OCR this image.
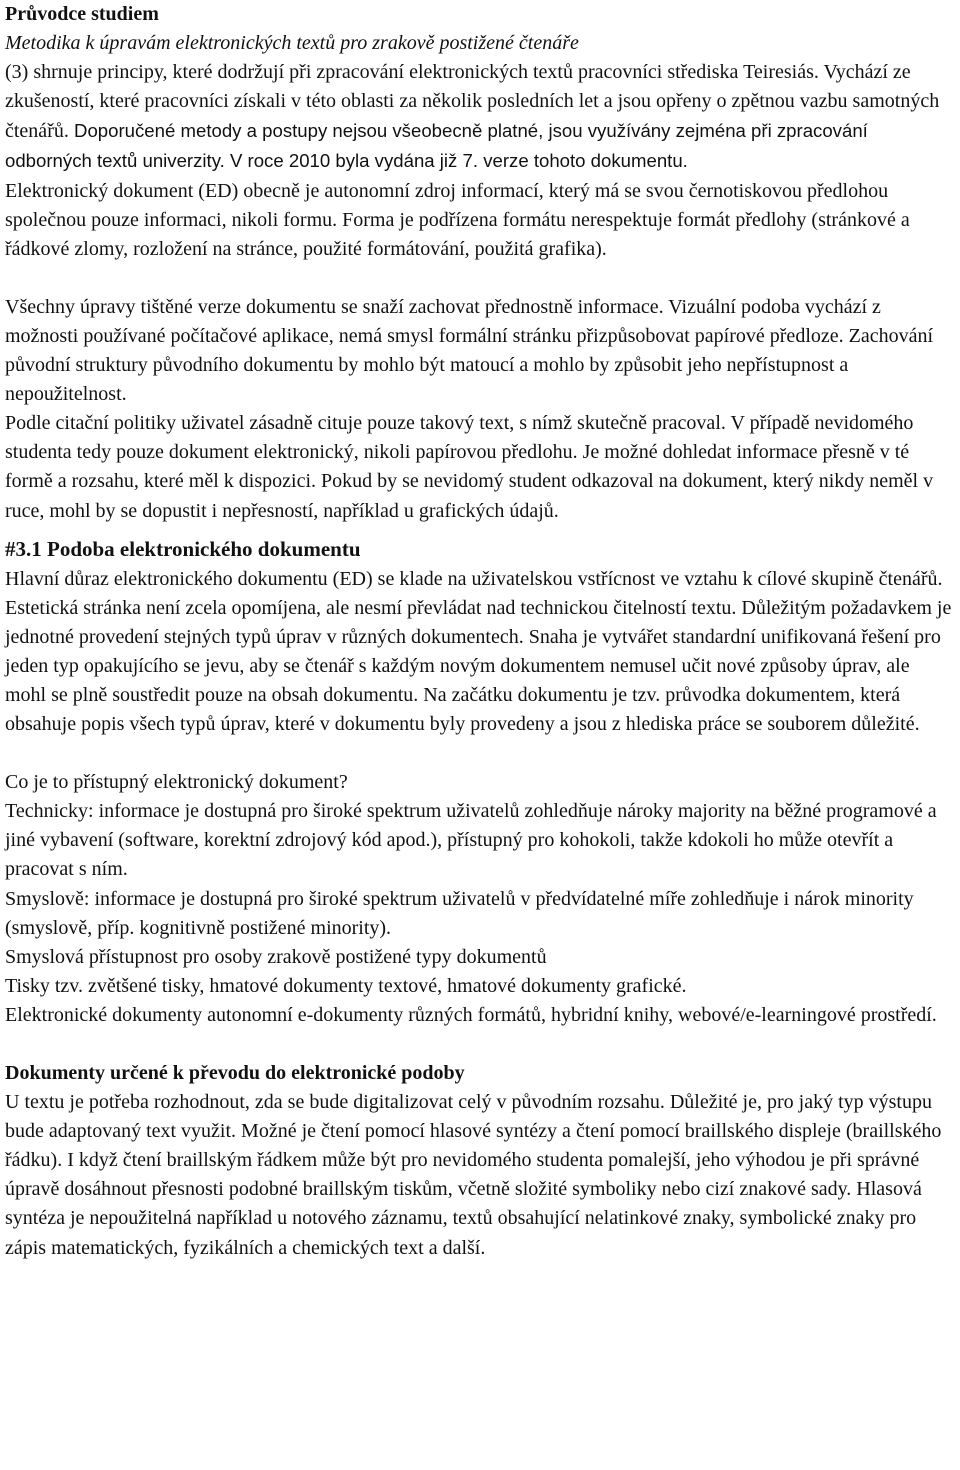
Průvodce studiem

Metodika k úpravám elektronických textů pro zrakově postižené čtenáře

(3) shrnuje principy, které dodržují při zpracování elektronických textů pracovníci střediska Teiresiás. Vychází ze zkušeností, které pracovníci získali v této oblasti za několik posledních let a jsou opřeny o zpětnou vazbu samotných čtenářů. Doporučené metody a postupy nejsou všeobecně platné, jsou využívány zejména při zpracování odborných textů univerzity. V roce 2010 byla vydána již 7. verze tohoto dokumentu.

Elektronický dokument (ED) obecně je autonomní zdroj informací, který má se svou černotiskovou předlohou společnou pouze informaci, nikoli formu. Forma je podřízena formátu nerespektuje formát předlohy (stránkové a řádkové zlomy, rozložení na stránce, použité formátování, použitá grafika).

Všechny úpravy tištěné verze dokumentu se snaží zachovat přednostně informace. Vizuální podoba vychází z možnosti používané počítačové aplikace, nemá smysl formální stránku přizpůsobovat papírové předloze. Zachování původní struktury původního dokumentu by mohlo být matoucí a mohlo by způsobit jeho nepřístupnost a nepoužitelnost.

Podle citační politiky uživatel zásadně cituje pouze takový text, s nímž skutečně pracoval. V případě nevidomého studenta tedy pouze dokument elektronický, nikoli papírovou předlohu. Je možné dohledat informace přesně v té formě a rozsahu, které měl k dispozici. Pokud by se nevidomý student odkazoval na dokument, který nikdy neměl v ruce, mohl by se dopustit i nepřesností, například u grafických údajů.

#3.1 Podoba elektronického dokumentu

Hlavní důraz elektronického dokumentu (ED) se klade na uživatelskou vstřícnost ve vztahu k cílové skupině čtenářů. Estetická stránka není zcela opomíjena, ale nesmí převládat nad technickou čitelností textu. Důležitým požadavkem je jednotné provedení stejných typů úprav v různých dokumentech. Snaha je vytvářet standardní unifikovaná řešení pro jeden typ opakujícího se jevu, aby se čtenář s každým novým dokumentem nemusel učit nové způsoby úprav, ale mohl se plně soustředit pouze na obsah dokumentu. Na začátku dokumentu je tzv. průvodka dokumentem, která obsahuje popis všech typů úprav, které v dokumentu byly provedeny a jsou z hlediska práce se souborem důležité.

Co je to přístupný elektronický dokument?

Technicky: informace je dostupná pro široké spektrum uživatelů zohledňuje nároky majority na běžné programové a jiné vybavení (software, korektní zdrojový kód apod.), přístupný pro kohokoli, takže kdokoli ho může otevřít a pracovat s ním.

Smyslově: informace je dostupná pro široké spektrum uživatelů v předvídatelné míře zohledňuje i nárok minority (smyslově, příp. kognitivně postižené minority).

Smyslová přístupnost pro osoby zrakově postižené typy dokumentů

Tisky tzv. zvětšené tisky, hmatové dokumenty textové, hmatové dokumenty grafické.

Elektronické dokumenty autonomní e-dokumenty různých formátů, hybridní knihy, webové/e-learningové prostředí.

Dokumenty určené k převodu do elektronické podoby

U textu je potřeba rozhodnout, zda se bude digitalizovat celý v původním rozsahu. Důležité je, pro jaký typ výstupu bude adaptovaný text využit. Možné je čtení pomocí hlasové syntézy a čtení pomocí braillského displeje (braillského řádku). I když čtení braillským řádkem může být pro nevidomého studenta pomalejší, jeho výhodou je při správné úpravě dosáhnout přesnosti podobné braillským tiskům, včetně složité symboliky nebo cizí znakové sady. Hlasová syntéza je nepoužitelná například u notového záznamu, textů obsahující nelatinkové znaky, symbolické znaky pro zápis matematických, fyzikálních a chemických text a další.
